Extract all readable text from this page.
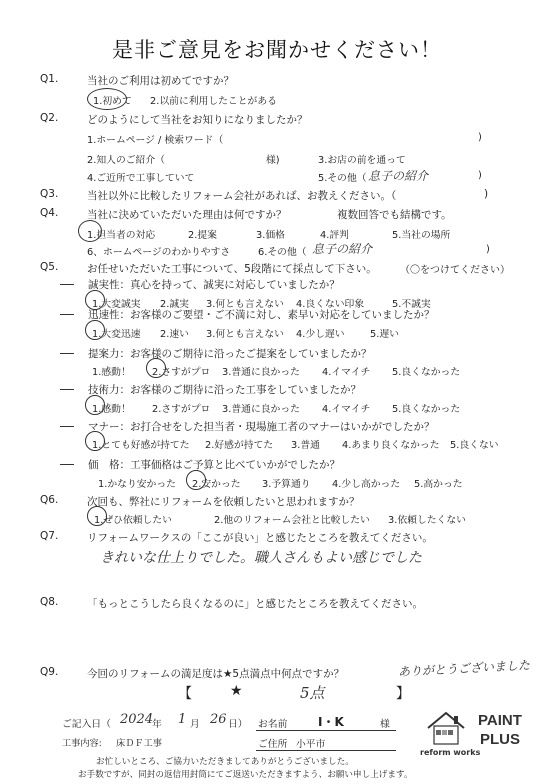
是非ご意見をお聞かせください！
Q1.	当社のご利用は初めてですか？
1.初めて 2.以前に利用したことがある
Q2.	どのようにして当社をお知りになりましたか？
1.ホームページ / 検索ワード（	)
2.知人のご紹介（	様)	3.お店の前を通って
4.ご近所で工事していて	5.その他（ 息子の紹介	)
Q3.	当社以外に比較したリフォーム会社があれば、お教えください。（	)
Q4.	当社に決めていただいた理由は何ですか？	複数回答でも結構です。
1.担当者の対応	2.提案	3.価格	4.評判	5.当社の場所
6、ホームページのわかりやすさ	6.その他（ 息子の紹介	)
Q5.	お任せいただいた工事について、5段階にて採点して下さい。 （〇をつけてください）
誠実性：真心を持って、誠実に対応していましたか？
1.大変誠実 2.誠実 3.何とも言えない 4.良くない印象	5.不誠実
迅速性：お客様のご要望・ご不満に対し、素早い対応をしていましたか？
1.大変迅速 2.速い 3.何とも言えない 4.少し遅い	5.遅い
提案力：お客様のご期待に沿ったご提案をしていましたか？
1.感動！ 2.さすがプロ 3.普通に良かった 4.イマイチ 5.良くなかった
技術力：お客様のご期待に沿った工事をしていましたか？
1.感動！ 2.さすがプロ 3.普通に良かった 4.イマイチ 5.良くなかった
マナー：お打合せをした担当者・現場施工者のマナーはいかがでしたか？
1.とても好感が持てた 2.好感が持てた 3.普通 4.あまり良くなかった 5.良くない
価　格：工事価格はご予算と比べていかがでしたか？
1.かなり安かった 2.安かった 3.予算通り 4.少し高かった 5.高かった
Q6.	次回も、弊社にリフォームを依頼したいと思われますか？
1.ぜひ依頼したい	2.他のリフォーム会社と比較したい 3.依頼したくない
Q7.	リフォームワークスの「ここが良い」と感じたところを教えてください。
きれいな仕上りでした。職人さんもよい感じでした
Q8.	「もっとこうしたら良くなるのに」と感じたところを教えてください。
Q9.	今回のリフォームの満足度は★5点満点中何点ですか？	ありがとうございました
【	★	5点	】
ご記入日（ 2024
年 1 月 26 日） お名前	I・K	様
工事内容: 床ＤＦ工事	ご住所 小平市
お忙しいところ、ご協力いただきましてありがとうございました。
お手数ですが、同封の返信用封筒にてご返送いただきますよう、お願い申し上げます。
reform works
PAINT
PLUS
